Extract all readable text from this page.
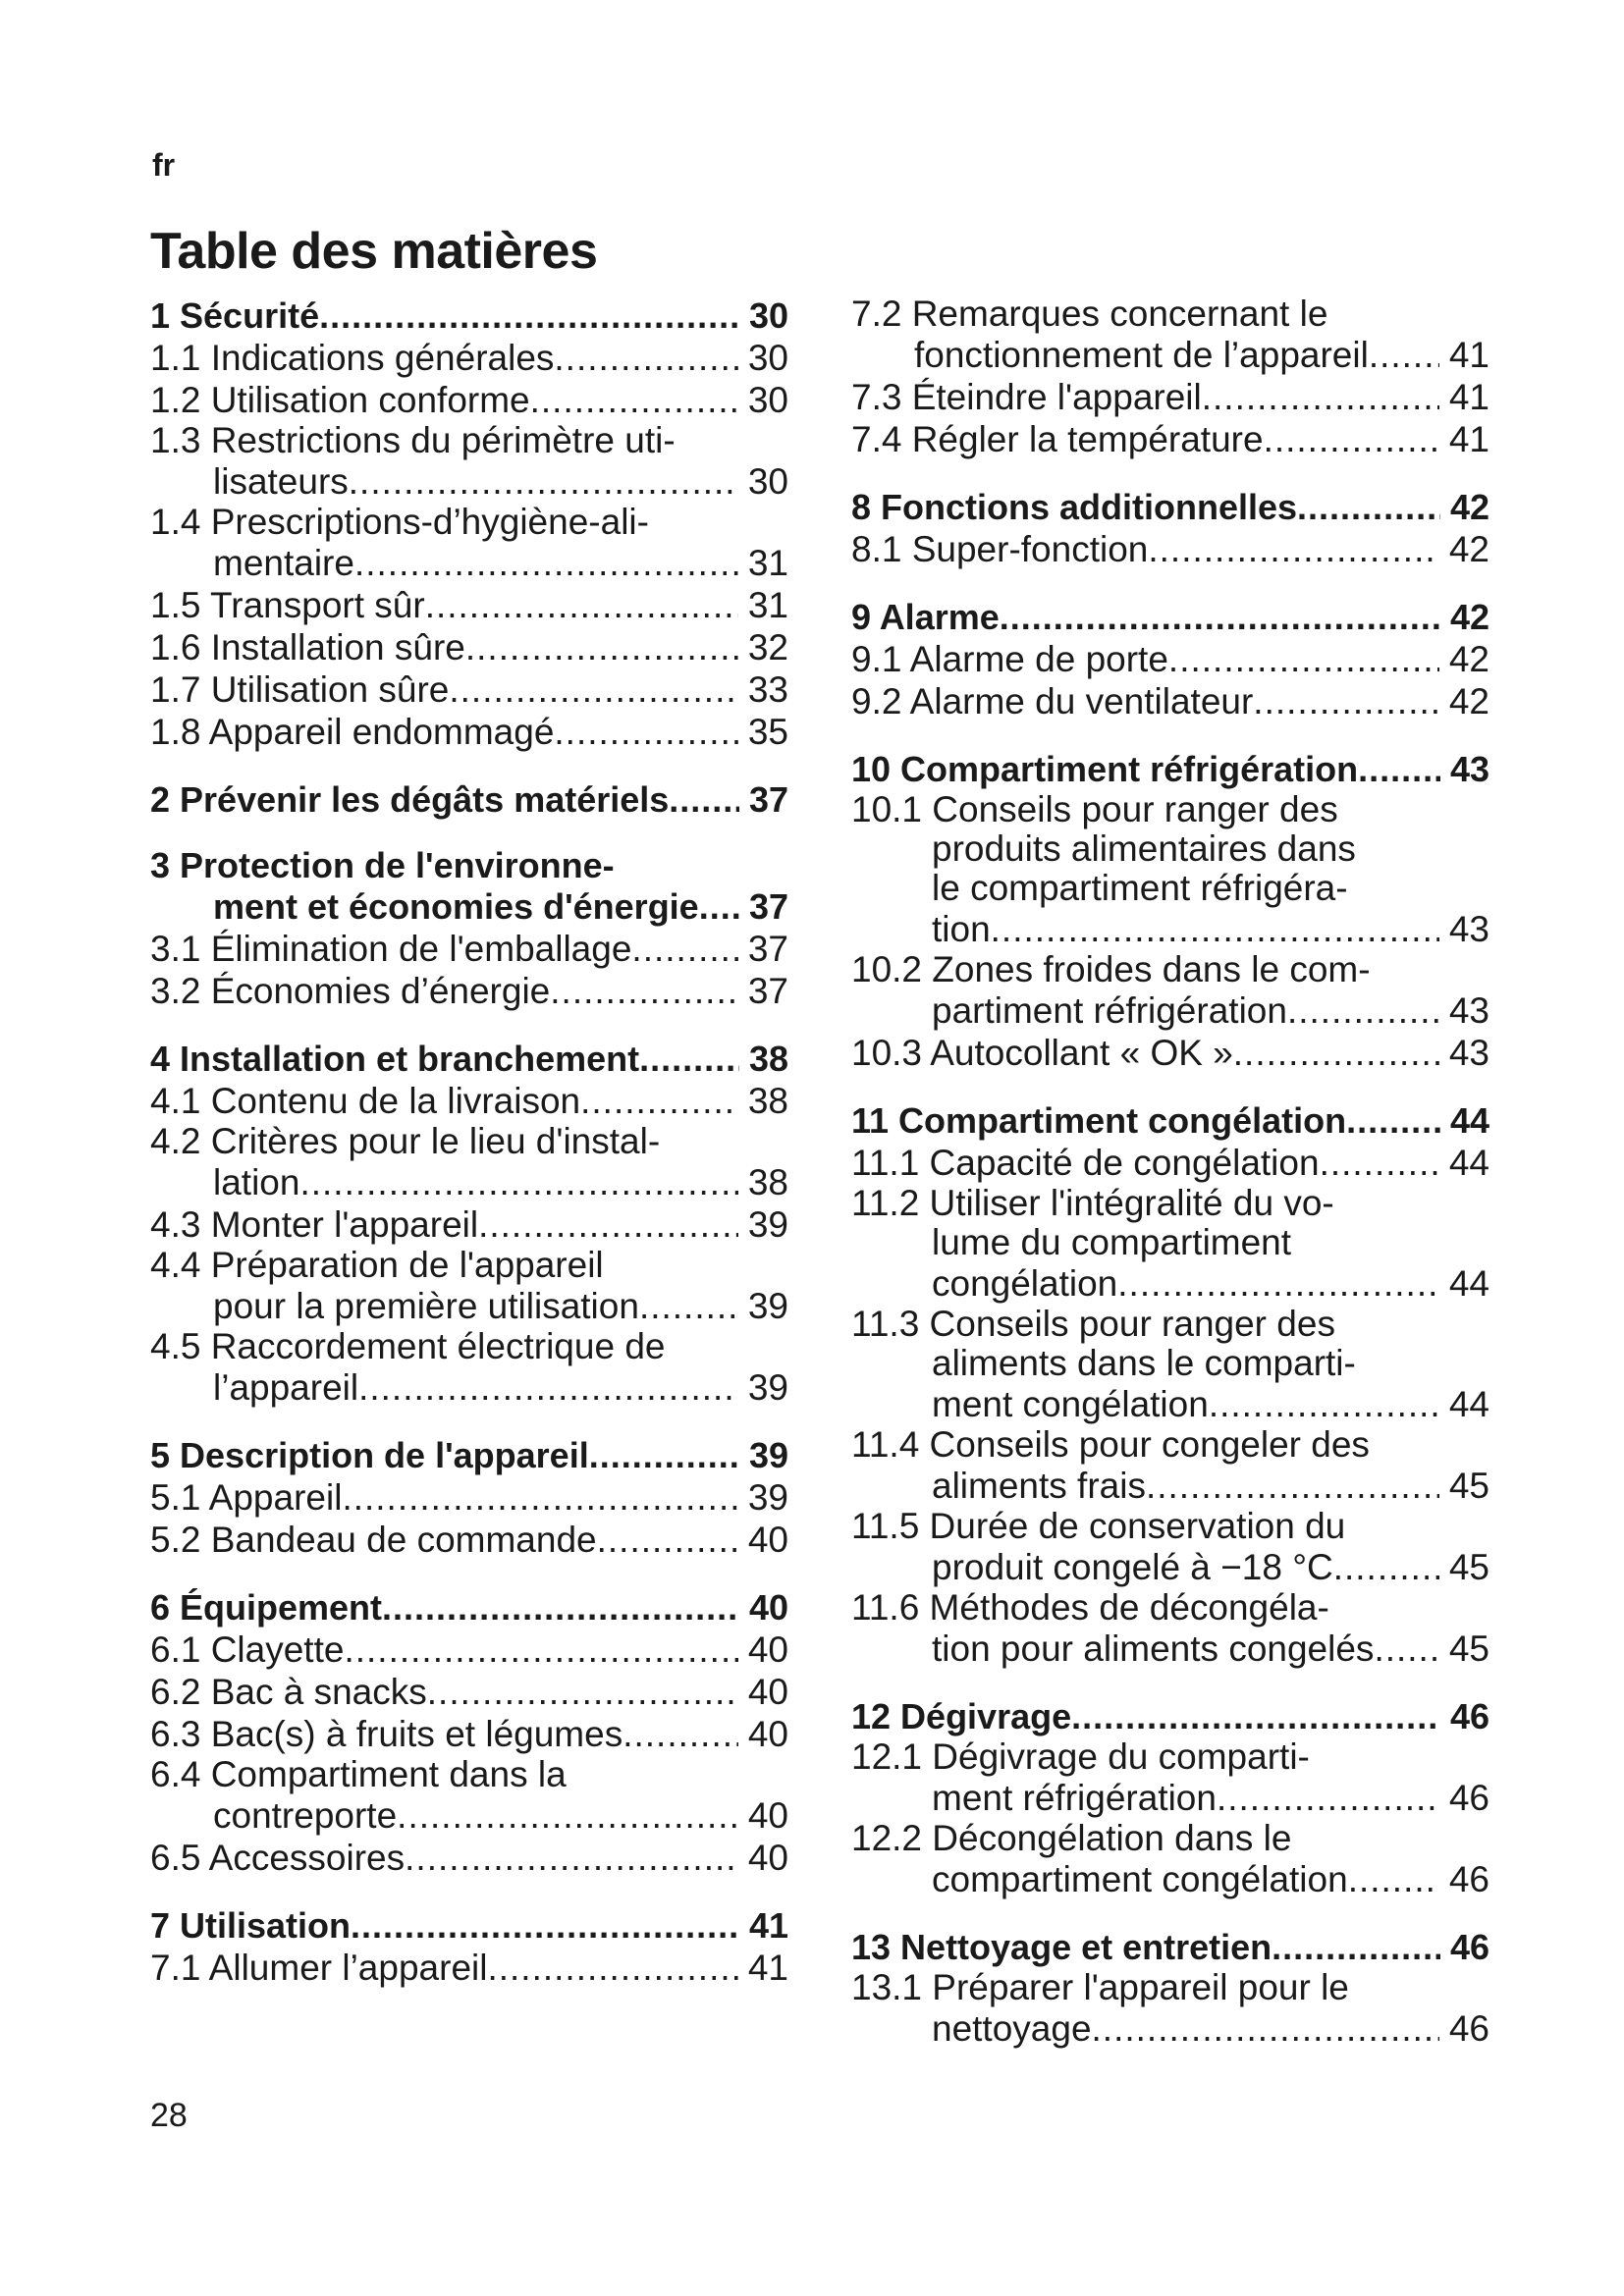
fr
Table des matières
1 Sécurité .....	30
1.1 Indications générales .....	30
1.2 Utilisation conforme .....	30
1.3 Restrictions du périmètre uti-
lisateurs .....	30
1.4 Prescriptions-d’hygiène-ali-
mentaire .....	31
1.5 Transport sûr .....	31
1.6 Installation sûre .....	32
1.7 Utilisation sûre .....	33
1.8 Appareil endommagé .....	35
2 Prévenir les dégâts matériels ..... 37
3 Protection de l'environne-
ment et économies d'énergie ..... 37
3.1 Élimination de l'emballage .....	37
3.2 Économies d’énergie .....	37
4 Installation et branchement .....	38
4.1 Contenu de la livraison .....	38
4.2 Critères pour le lieu d'instal-
lation .....	38
4.3 Monter l'appareil .....	39
4.4 Préparation de l'appareil
pour la première utilisation .....	39
4.5 Raccordement électrique de
l’appareil .....	39
5 Description de l'appareil .....	39
5.1 Appareil .....	39
5.2 Bandeau de commande .....	40
6 Équipement .....	40
6.1 Clayette .....	40
6.2 Bac à snacks .....	40
6.3 Bac(s) à fruits et légumes .....	40
6.4 Compartiment dans la
contreporte .....	40
6.5 Accessoires .....	40
7 Utilisation .....	41
7.1 Allumer l’appareil .....	41
7.2 Remarques concernant le
fonctionnement de l’appareil ..... 41
7.3 Éteindre l'appareil .....	41
7.4 Régler la température .....	41
8 Fonctions additionnelles .....	42
8.1 Super-fonction .....	42
9 Alarme .....	42
9.1 Alarme de porte .....	42
9.2 Alarme du ventilateur .....	42
10 Compartiment réfrigération .....	43
10.1 Conseils pour ranger des
produits alimentaires dans
le compartiment réfrigéra-
tion .....	43
10.2 Zones froides dans le com-
partiment réfrigération .....	43
10.3 Autocollant « OK » .....	43
11 Compartiment congélation .....	44
11.1 Capacité de congélation .....	44
11.2 Utiliser l'intégralité du vo-
lume du compartiment
congélation .....	44
11.3 Conseils pour ranger des
aliments dans le comparti-
ment congélation .....	44
11.4 Conseils pour congeler des
aliments frais .....	45
11.5 Durée de conservation du
produit congelé à −18 °C .....	45
11.6 Méthodes de décongéla-
tion pour aliments congelés ..... 45
12 Dégivrage .....	46
12.1 Dégivrage du comparti-
ment réfrigération .....	46
12.2 Décongélation dans le
compartiment congélation .....	46
13 Nettoyage et entretien .....	46
13.1 Préparer l'appareil pour le
nettoyage .....	46
28
